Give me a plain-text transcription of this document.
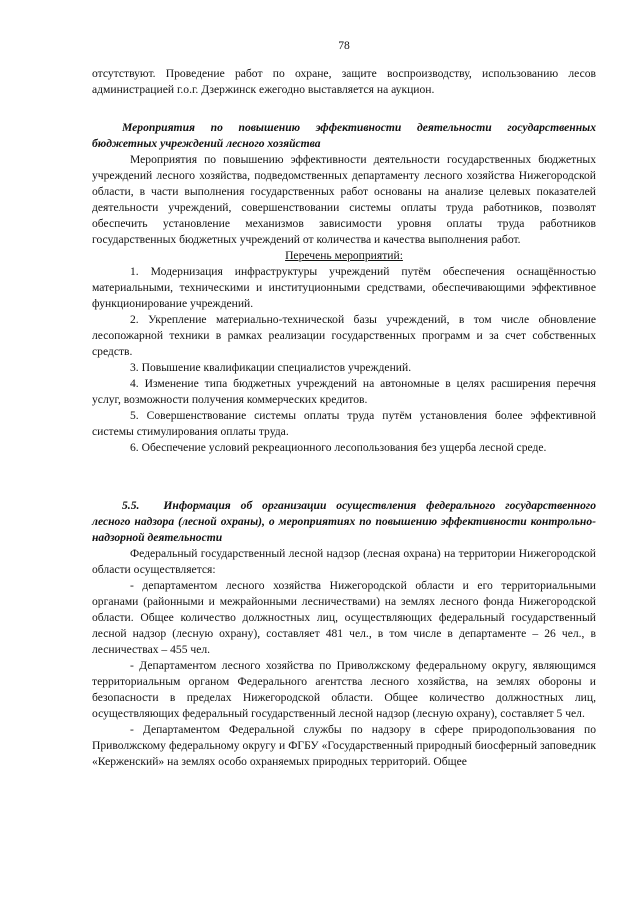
78

отсутствуют. Проведение работ по охране, защите воспроизводству, использованию лесов администрацией г.о.г. Дзержинск ежегодно выставляется на аукцион.

Мероприятия по повышению эффективности деятельности государственных бюджетных учреждений лесного хозяйства

Мероприятия по повышению эффективности деятельности государственных бюджетных учреждений лесного хозяйства, подведомственных департаменту лесного хозяйства Нижегородской области, в части выполнения государственных работ основаны на анализе целевых показателей деятельности учреждений, совершенствовании системы оплаты труда работников, позволят обеспечить установление механизмов зависимости уровня оплаты труда работников государственных бюджетных учреждений от количества и качества выполнения работ.

Перечень мероприятий:

1. Модернизация инфраструктуры учреждений путём обеспечения оснащённостью материальными, техническими и институционными средствами, обеспечивающими эффективное функционирование учреждений.

2. Укрепление материально-технической базы учреждений, в том числе обновление лесопожарной техники в рамках реализации государственных программ и за счет собственных средств.

3. Повышение квалификации специалистов учреждений.

4. Изменение типа бюджетных учреждений на автономные в целях расширения перечня услуг, возможности получения коммерческих кредитов.

5. Совершенствование системы оплаты труда путём установления более эффективной системы стимулирования оплаты труда.

6. Обеспечение условий рекреационного лесопользования без ущерба лесной среде.

5.5. Информация об организации осуществления федерального государственного лесного надзора (лесной охраны), о мероприятиях по повышению эффективности контрольно-надзорной деятельности

Федеральный государственный лесной надзор (лесная охрана) на территории Нижегородской области осуществляется:

- департаментом лесного хозяйства Нижегородской области и его территориальными органами (районными и межрайонными лесничествами) на землях лесного фонда Нижегородской области. Общее количество должностных лиц, осуществляющих федеральный государственный лесной надзор (лесную охрану), составляет 481 чел., в том числе в департаменте – 26 чел., в лесничествах – 455 чел.

- Департаментом лесного хозяйства по Приволжскому федеральному округу, являющимся территориальным органом Федерального агентства лесного хозяйства, на землях обороны и безопасности в пределах Нижегородской области. Общее количество должностных лиц, осуществляющих федеральный государственный лесной надзор (лесную охрану), составляет 5 чел.

- Департаментом Федеральной службы по надзору в сфере природопользования по Приволжскому федеральному округу и ФГБУ «Государственный природный биосферный заповедник «Керженский» на землях особо охраняемых природных территорий. Общее
